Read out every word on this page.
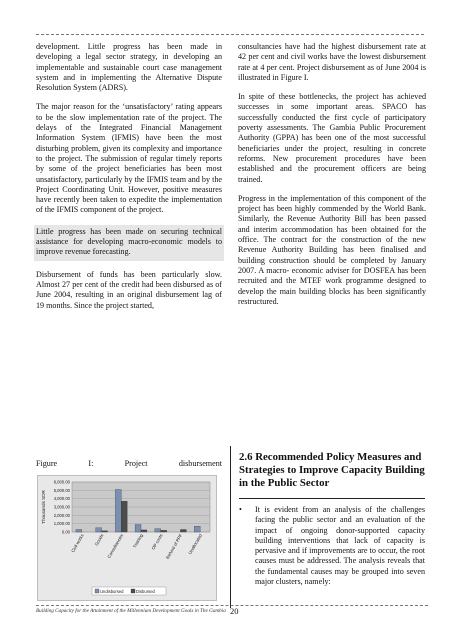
development. Little progress has been made in developing a legal sector strategy, in developing an implementable and sustainable court case management system and in implementing the Alternative Dispute Resolution System (ADRS).

The major reason for the ‘unsatisfactory’ rating appears to be the slow implementation rate of the project. The delays of the Integrated Financial Management Information System (IFMIS) have been the most disturbing problem, given its complexity and importance to the project. The submission of regular timely reports by some of the project beneficiaries has been most unsatisfactory, particularly by the IFMIS team and by the Project Coordinating Unit. However, positive measures have recently been taken to expedite the implementation of the IFMIS component of the project.

Little progress has been made on securing technical assistance for developing macro-economic models to improve revenue forecasting.

Disbursement of funds has been particularly slow. Almost 27 per cent of the credit had been disbursed as of June 2004, resulting in an original disbursement lag of 19 months. Since the project started,

consultancies have had the highest disbursement rate at 42 per cent and civil works have the lowest disbursement rate at 4 per cent. Project disbursement as of June 2004 is illustrated in Figure I.

In spite of these bottlenecks, the project has achieved successes in some important areas. SPACO has successfully conducted the first cycle of participatory poverty assessments. The Gambia Public Procurement Authority (GPPA) has been one of the most successful beneficiaries under the project, resulting in concrete reforms. New procurement procedures have been established and the procurement officers are being trained.

Progress in the implementation of this component of the project has been highly commended by the World Bank. Similarly, the Revenue Authority Bill has been passed and interim accommodation has been obtained for the office. The contract for the construction of the new Revenue Authority Building has been finalised and building construction should be completed by January 2007. A macro- economic adviser for DOSFEA has been recruited and the MTEF work programme designed to develop the main building blocks has been significantly restructured.

Figure	I:	Project	disbursement
6,000.00
5,000.00
4,000.00
3,000.00
2,000.00
1,000.00
0.00
Thousands SDR
Civil works Goods Consultancies Training OP costs Refund of PPF Unallocated
Undisbursed	Disbursed
2.6 Recommended Policy Measures and Strategies to Improve Capacity Building in the Public Sector
•	It is evident from an analysis of the challenges facing the public sector and an evaluation of the impact of ongoing donor-supported capacity building interventions that lack of capacity is pervasive and if improvements are to occur, the root causes must be addressed. The analysis reveals that the fundamental causes may be grouped into seven major clusters, namely:
Building Capacity for the Attainment of the Millennium Development Goals in The Gambia 20
